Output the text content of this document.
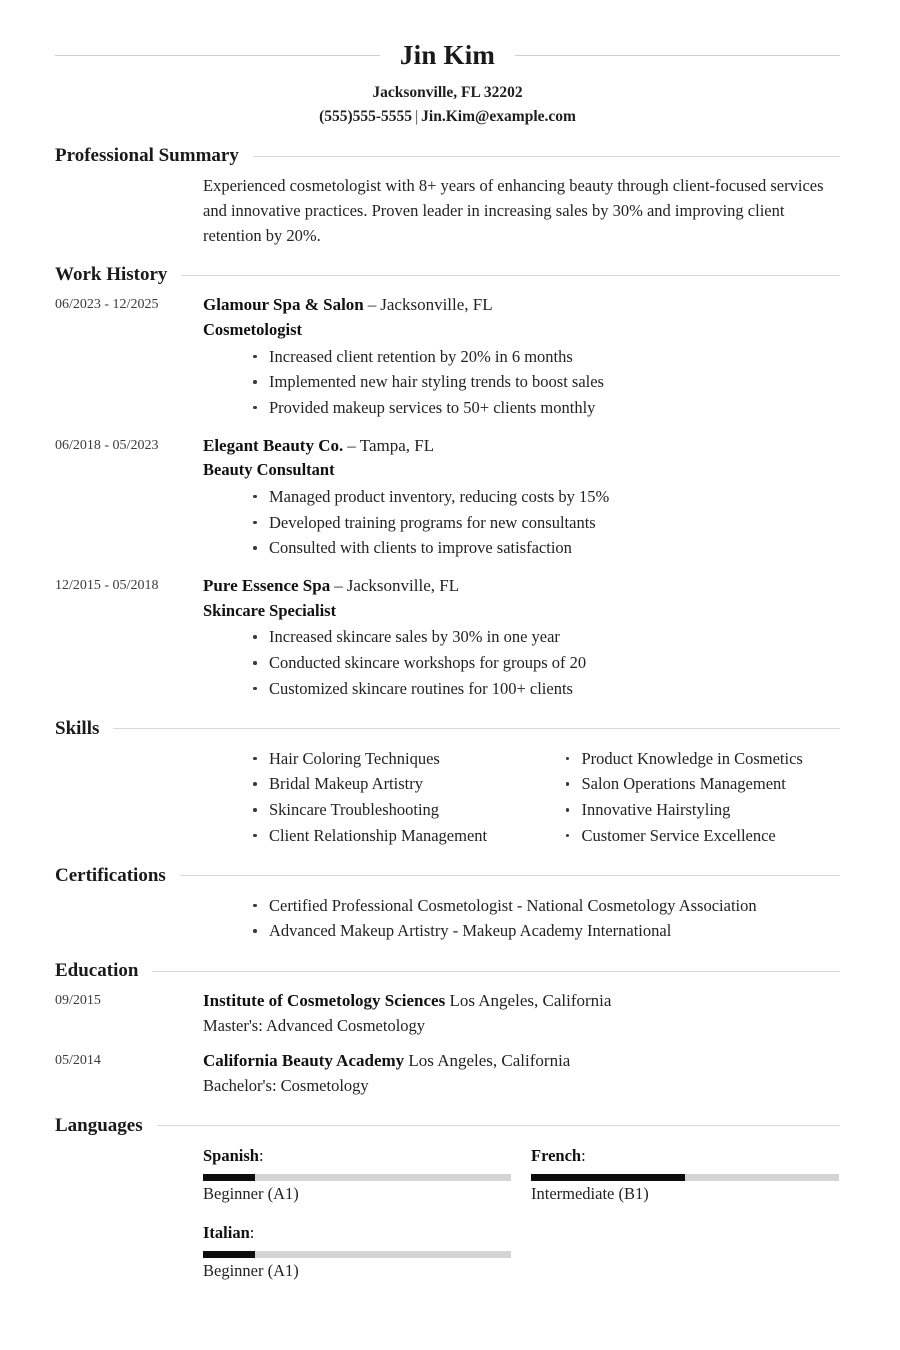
Jin Kim
Jacksonville, FL 32202
(555)555-5555 | Jin.Kim@example.com
Professional Summary

Experienced cosmetologist with 8+ years of enhancing beauty through client-focused services and innovative practices. Proven leader in increasing sales by 30% and improving client retention by 20%.

Work History
06/2023 - 12/2025	Glamour Spa & Salon – Jacksonville, FL
Cosmetologist
Increased client retention by 20% in 6 months
Implemented new hair styling trends to boost sales
Provided makeup services to 50+ clients monthly
06/2018 - 05/2023	Elegant Beauty Co. – Tampa, FL
Beauty Consultant
Managed product inventory, reducing costs by 15%
Developed training programs for new consultants
Consulted with clients to improve satisfaction
12/2015 - 05/2018	Pure Essence Spa – Jacksonville, FL
Skincare Specialist
Increased skincare sales by 30% in one year
Conducted skincare workshops for groups of 20
Customized skincare routines for 100+ clients
Skills
Hair Coloring Techniques
Bridal Makeup Artistry
Skincare Troubleshooting
Client Relationship Management
Product Knowledge in Cosmetics
Salon Operations Management
Innovative Hairstyling
Customer Service Excellence
Certifications
Certified Professional Cosmetologist - National Cosmetology Association
Advanced Makeup Artistry - Makeup Academy International
Education
09/2015	Institute of Cosmetology Sciences Los Angeles, California
Master's: Advanced Cosmetology
05/2014	California Beauty Academy Los Angeles, California
Bachelor's: Cosmetology
Languages
Spanish:
Beginner (A1)
French:
Intermediate (B1)
Italian:
Beginner (A1)
